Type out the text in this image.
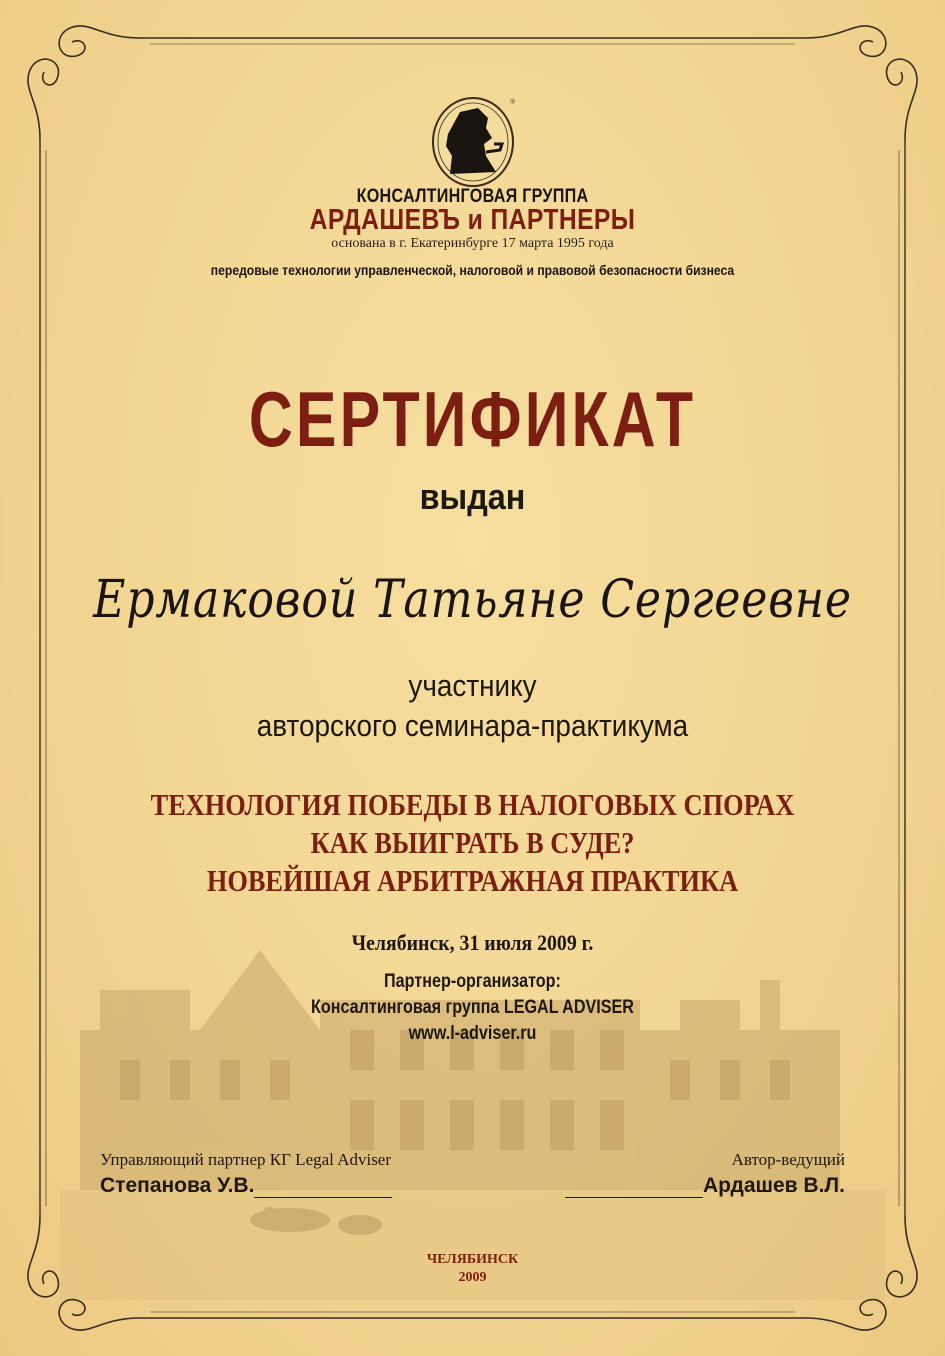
®
КОНСАЛТИНГОВАЯ ГРУППА
АРДАШЕВЪ и ПАРТНЕРЫ
основана в г. Екатеринбурге 17 марта 1995 года
передовые технологии управленческой, налоговой и правовой безопасности бизнеса
СЕРТИФИКАТ
выдан
Ермаковой Татьяне Сергеевне
участнику
авторского семинара-практикума
ТЕХНОЛОГИЯ ПОБЕДЫ В НАЛОГОВЫХ СПОРАХ
КАК ВЫИГРАТЬ В СУДЕ?
НОВЕЙШАЯ АРБИТРАЖНАЯ ПРАКТИКА
Челябинск, 31 июля 2009 г.
Партнер-организатор:
Консалтинговая группа LEGAL ADVISER
www.l-adviser.ru
Управляющий партнер КГ Legal Adviser
Степанова У.В.
Автор-ведущий
Ардашев В.Л.
ЧЕЛЯБИНСК
2009
